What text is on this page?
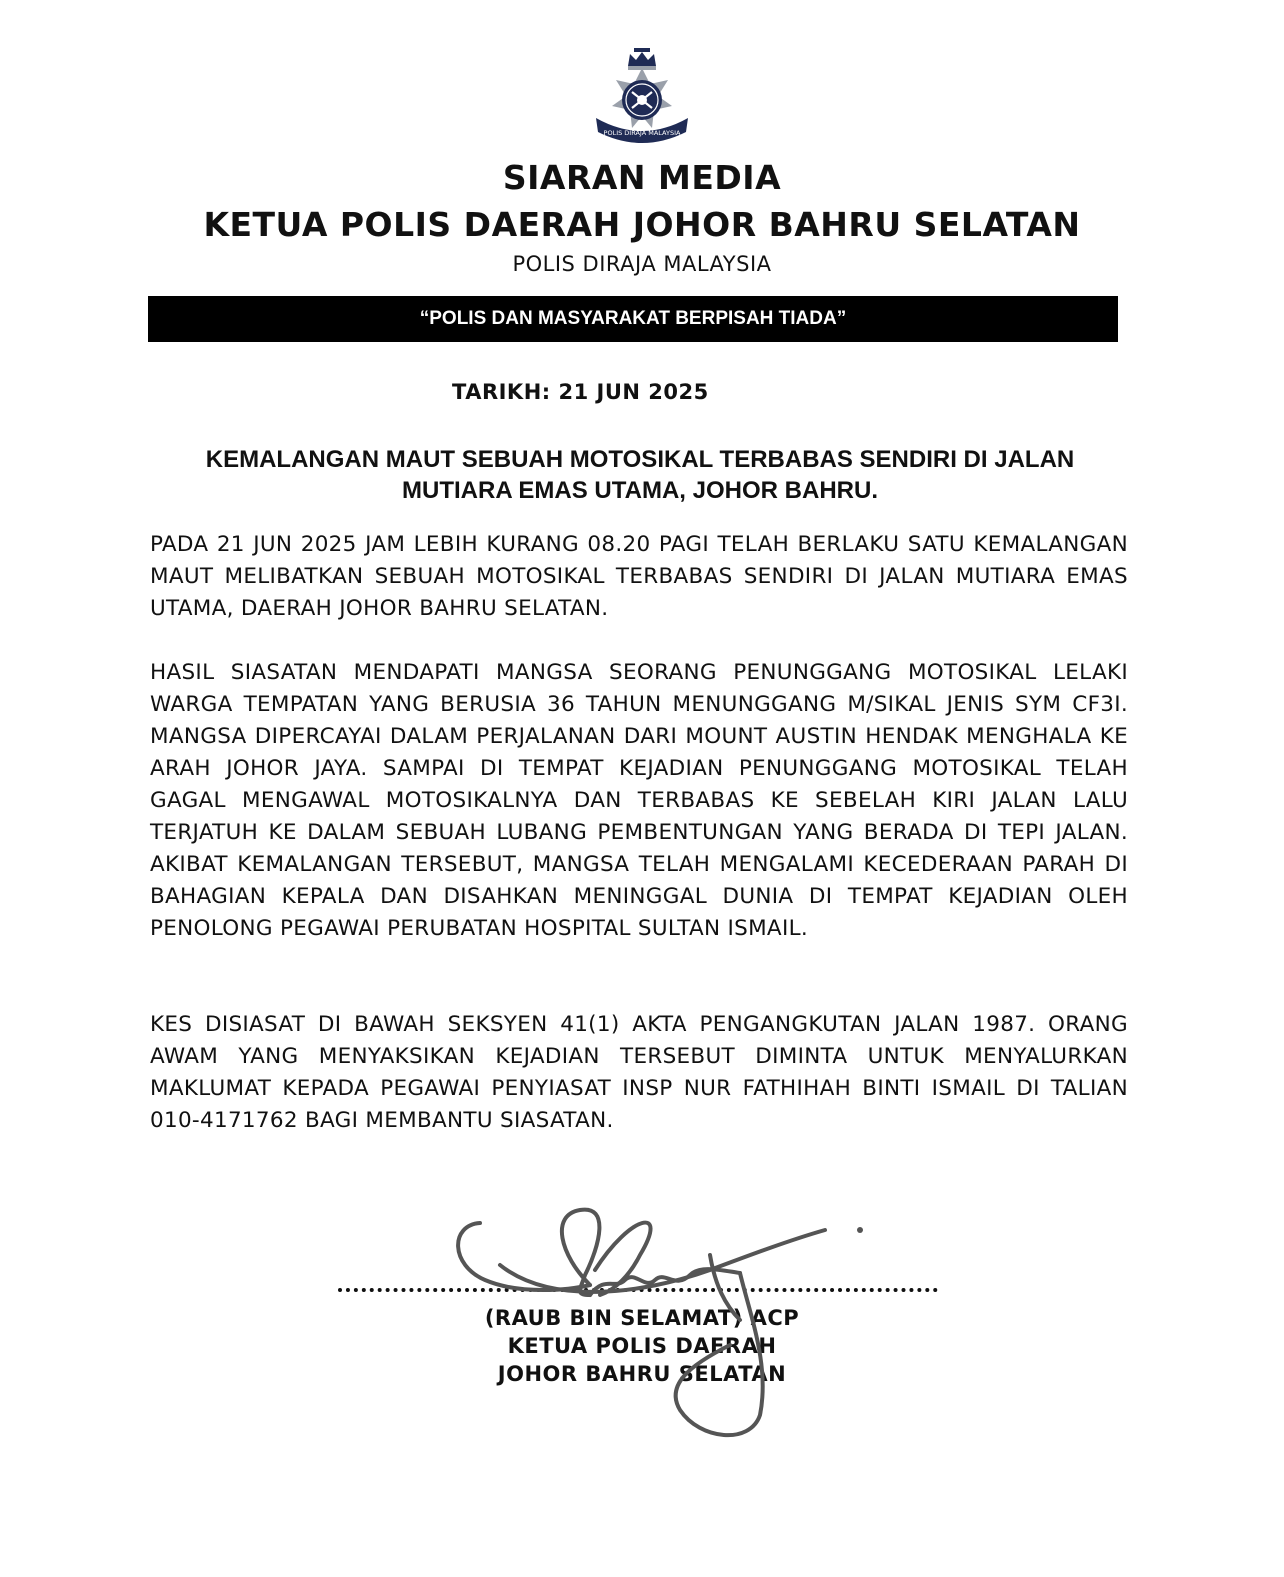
POLIS DIRAJA MALAYSIA
SIARAN MEDIA
KETUA POLIS DAERAH JOHOR BAHRU SELATAN
POLIS DIRAJA MALAYSIA
“POLIS DAN MASYARAKAT BERPISAH TIADA”
TARIKH: 21 JUN 2025
KEMALANGAN MAUT SEBUAH MOTOSIKAL TERBABAS SENDIRI DI JALAN
MUTIARA EMAS UTAMA, JOHOR BAHRU.
PADA 21 JUN 2025 JAM LEBIH KURANG 08.20 PAGI TELAH BERLAKU SATU KEMALANGAN MAUT MELIBATKAN SEBUAH MOTOSIKAL TERBABAS SENDIRI DI JALAN MUTIARA EMAS UTAMA, DAERAH JOHOR BAHRU SELATAN.
HASIL SIASATAN MENDAPATI MANGSA SEORANG PENUNGGANG MOTOSIKAL LELAKI WARGA TEMPATAN YANG BERUSIA 36 TAHUN MENUNGGANG M/SIKAL JENIS SYM CF3I. MANGSA DIPERCAYAI DALAM PERJALANAN DARI MOUNT AUSTIN HENDAK MENGHALA KE ARAH JOHOR JAYA. SAMPAI DI TEMPAT KEJADIAN PENUNGGANG MOTOSIKAL TELAH GAGAL MENGAWAL MOTOSIKALNYA DAN TERBABAS KE SEBELAH KIRI JALAN LALU TERJATUH KE DALAM SEBUAH LUBANG PEMBENTUNGAN YANG BERADA DI TEPI JALAN. AKIBAT KEMALANGAN TERSEBUT, MANGSA TELAH MENGALAMI KECEDERAAN PARAH DI BAHAGIAN KEPALA DAN DISAHKAN MENINGGAL DUNIA DI TEMPAT KEJADIAN OLEH PENOLONG PEGAWAI PERUBATAN HOSPITAL SULTAN ISMAIL.
KES DISIASAT DI BAWAH SEKSYEN 41(1) AKTA PENGANGKUTAN JALAN 1987. ORANG AWAM YANG MENYAKSIKAN KEJADIAN TERSEBUT DIMINTA UNTUK MENYALURKAN MAKLUMAT KEPADA PEGAWAI PENYIASAT INSP NUR FATHIHAH BINTI ISMAIL DI TALIAN 010-4171762 BAGI MEMBANTU SIASATAN.
(RAUB BIN SELAMAT) ACP
KETUA POLIS DAERAH
JOHOR BAHRU SELATAN
